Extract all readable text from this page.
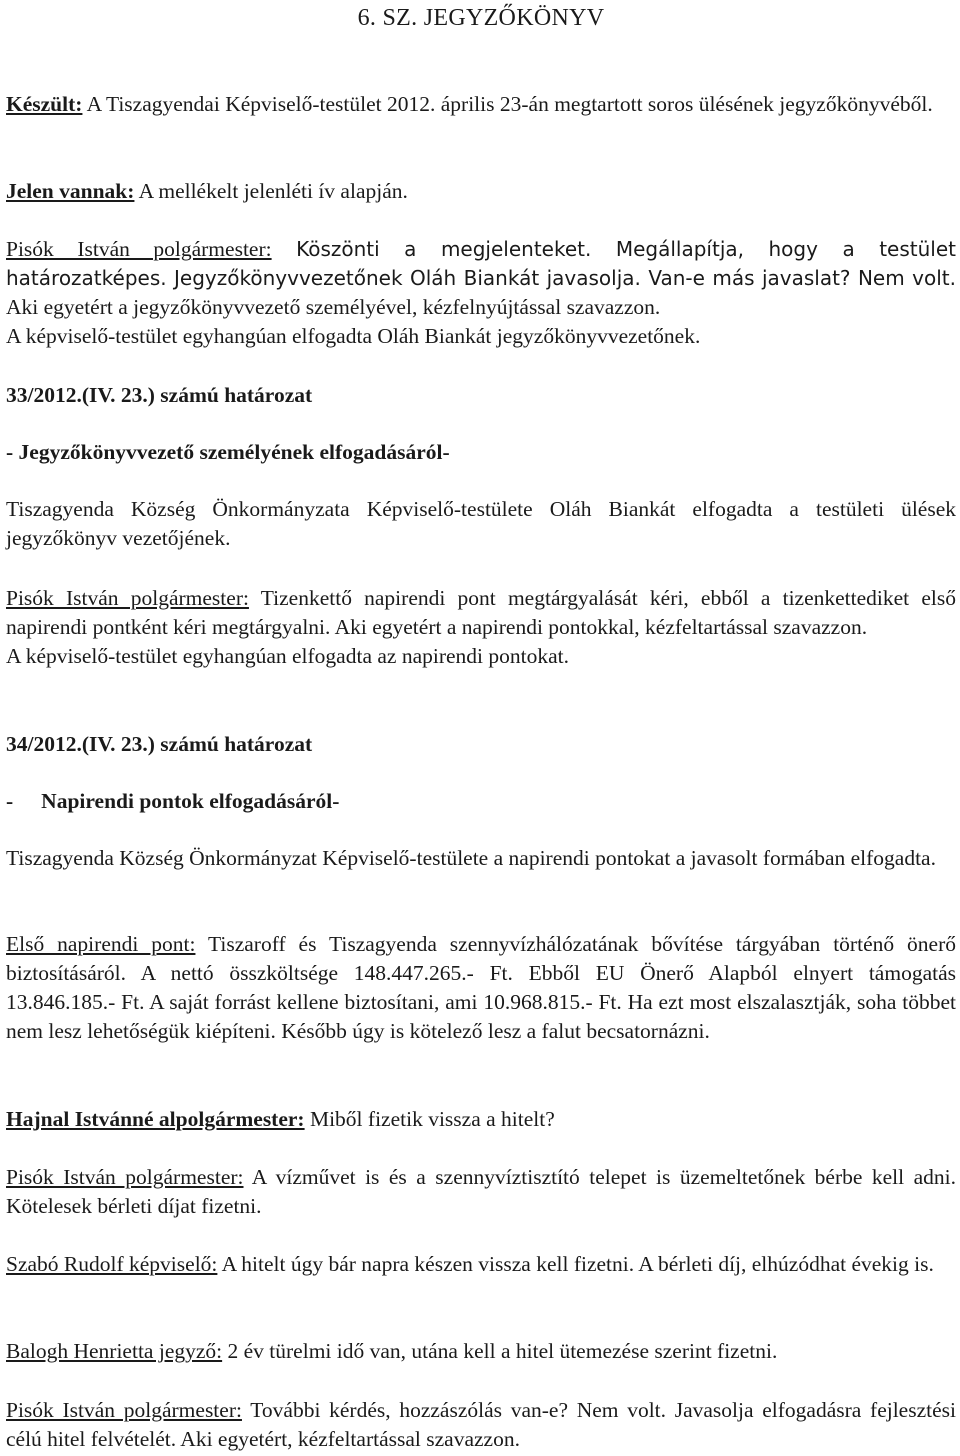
6. SZ. JEGYZŐKÖNYV

Készült: A Tiszagyendai Képviselő-testület 2012. április 23-án megtartott soros ülésének jegyzőkönyvéből.

Jelen vannak: A mellékelt jelenléti ív alapján.

Pisók István polgármester: Köszönti a megjelenteket. Megállapítja, hogy a testület határozatképes. Jegyzőkönyvvezetőnek Oláh Biankát javasolja. Van-e más javaslat? Nem volt. Aki egyetért a jegyzőkönyvvezető személyével, kézfelnyújtással szavazzon.

A képviselő-testület egyhangúan elfogadta Oláh Biankát jegyzőkönyvvezetőnek.

33/2012.(IV. 23.) számú határozat

- Jegyzőkönyvvezető személyének elfogadásáról-

Tiszagyenda Község Önkormányzata Képviselő-testülete Oláh Biankát elfogadta a testületi ülések jegyzőkönyv vezetőjének.

Pisók István polgármester: Tizenkettő napirendi pont megtárgyalását kéri, ebből a tizenkettediket első napirendi pontként kéri megtárgyalni. Aki egyetért a napirendi pontokkal, kézfeltartással szavazzon.

A képviselő-testület egyhangúan elfogadta az napirendi pontokat.

34/2012.(IV. 23.) számú határozat

- Napirendi pontok elfogadásáról-

Tiszagyenda Község Önkormányzat Képviselő-testülete a napirendi pontokat a javasolt formában elfogadta.

Első napirendi pont: Tiszaroff és Tiszagyenda szennyvízhálózatának bővítése tárgyában történő önerő biztosításáról. A nettó összköltsége 148.447.265.- Ft. Ebből EU Önerő Alapból elnyert támogatás 13.846.185.- Ft. A saját forrást kellene biztosítani, ami 10.968.815.- Ft. Ha ezt most elszalasztják, soha többet nem lesz lehetőségük kiépíteni. Később úgy is kötelező lesz a falut becsatornázni.

Hajnal Istvánné alpolgármester: Miből fizetik vissza a hitelt?

Pisók István polgármester: A vízművet is és a szennyvíztisztító telepet is üzemeltetőnek bérbe kell adni. Kötelesek bérleti díjat fizetni.

Szabó Rudolf képviselő: A hitelt úgy bár napra készen vissza kell fizetni. A bérleti díj, elhúzódhat évekig is.

Balogh Henrietta jegyző: 2 év türelmi idő van, utána kell a hitel ütemezése szerint fizetni.

Pisók István polgármester: További kérdés, hozzászólás van-e? Nem volt. Javasolja elfogadásra fejlesztési célú hitel felvételét. Aki egyetért, kézfeltartással szavazzon.
